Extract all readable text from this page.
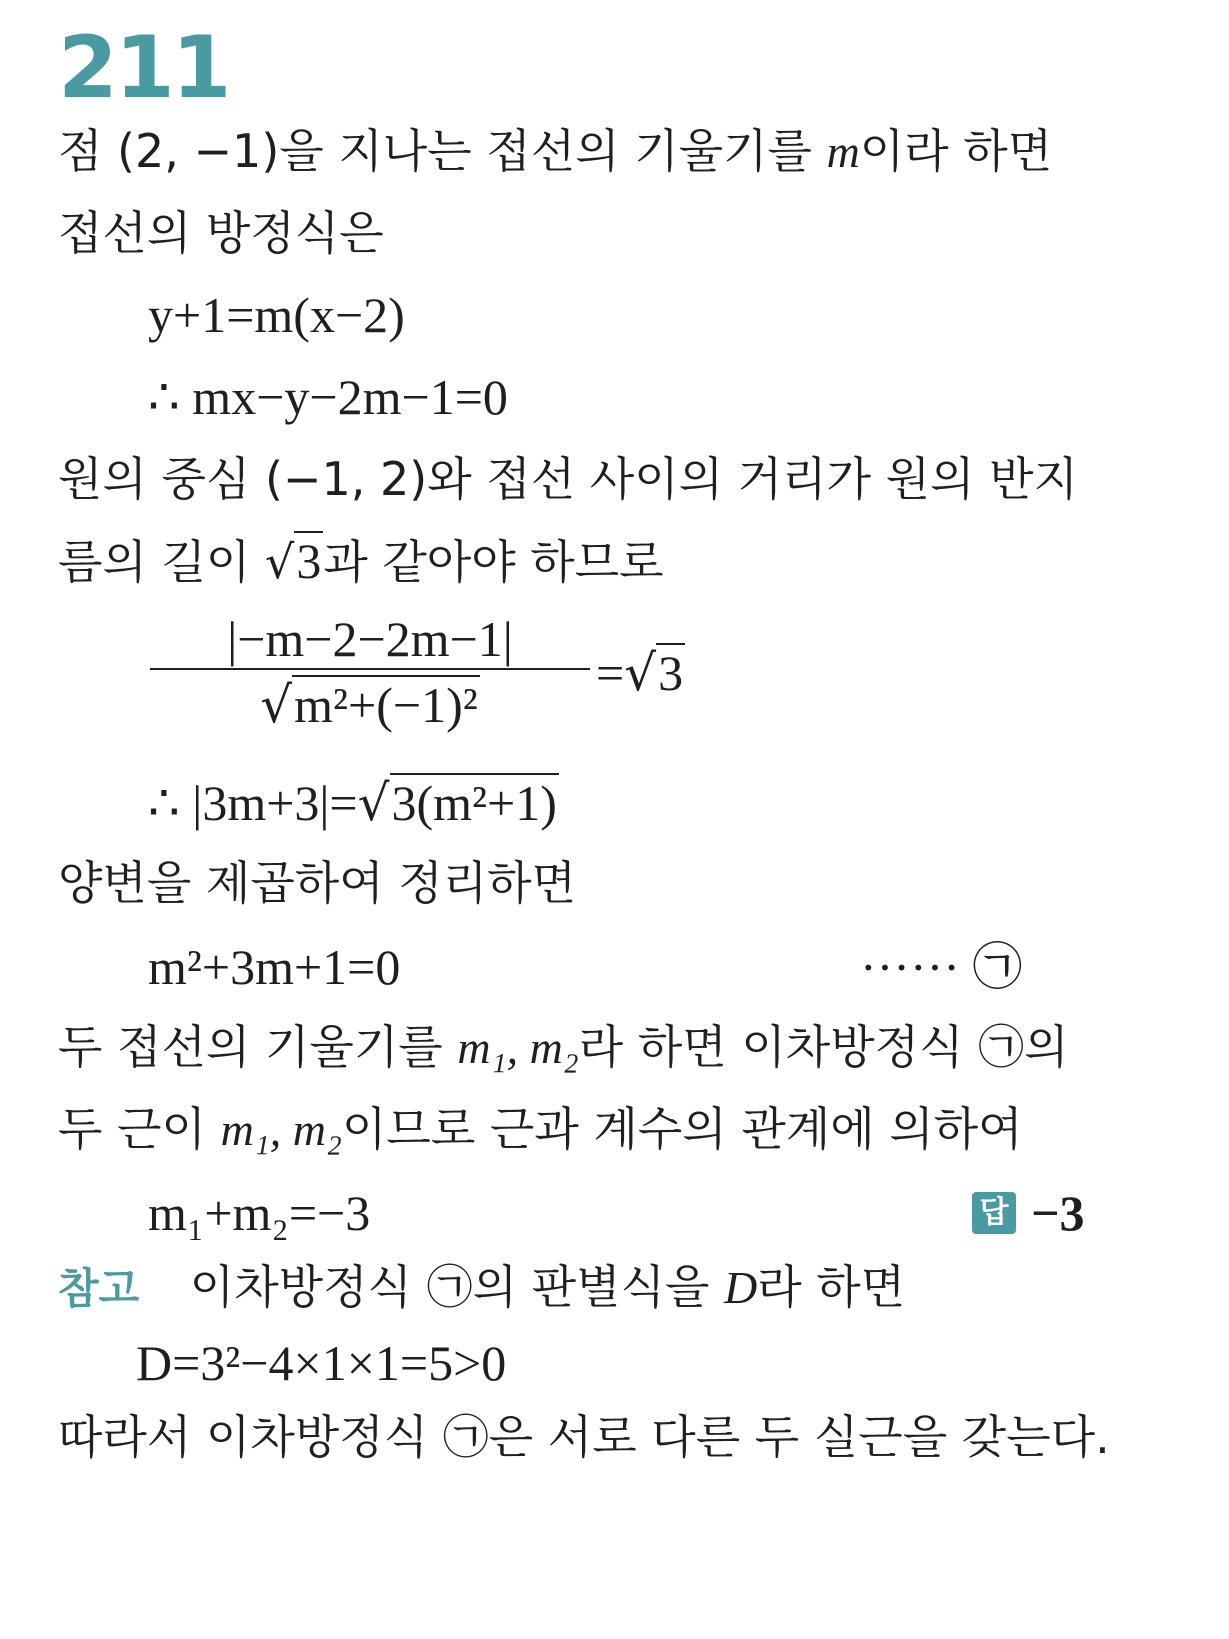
211
점 (2, −1)을 지나는 접선의 기울기를 m이라 하면
접선의 방정식은
y+1=m(x−2)
∴ mx−y−2m−1=0
원의 중심 (−1, 2)와 접선 사이의 거리가 원의 반지
름의 길이 √3과 같아야 하므로
|−m−2−2m−1|
√m²+(−1)²
=√3
∴ |3m+3|=√3(m²+1)
양변을 제곱하여 정리하면
m²+3m+1=0	······ ㉠
두 접선의 기울기를 m₁, m₂라 하면 이차방정식 ㉠의
두 근이 m₁, m₂이므로 근과 계수의 관계에 의하여
m₁+m₂=−3	답 −3
참고 이차방정식 ㉠의 판별식을 D라 하면
D=3²−4×1×1=5>0
따라서 이차방정식 ㉠은 서로 다른 두 실근을 갖는다.
